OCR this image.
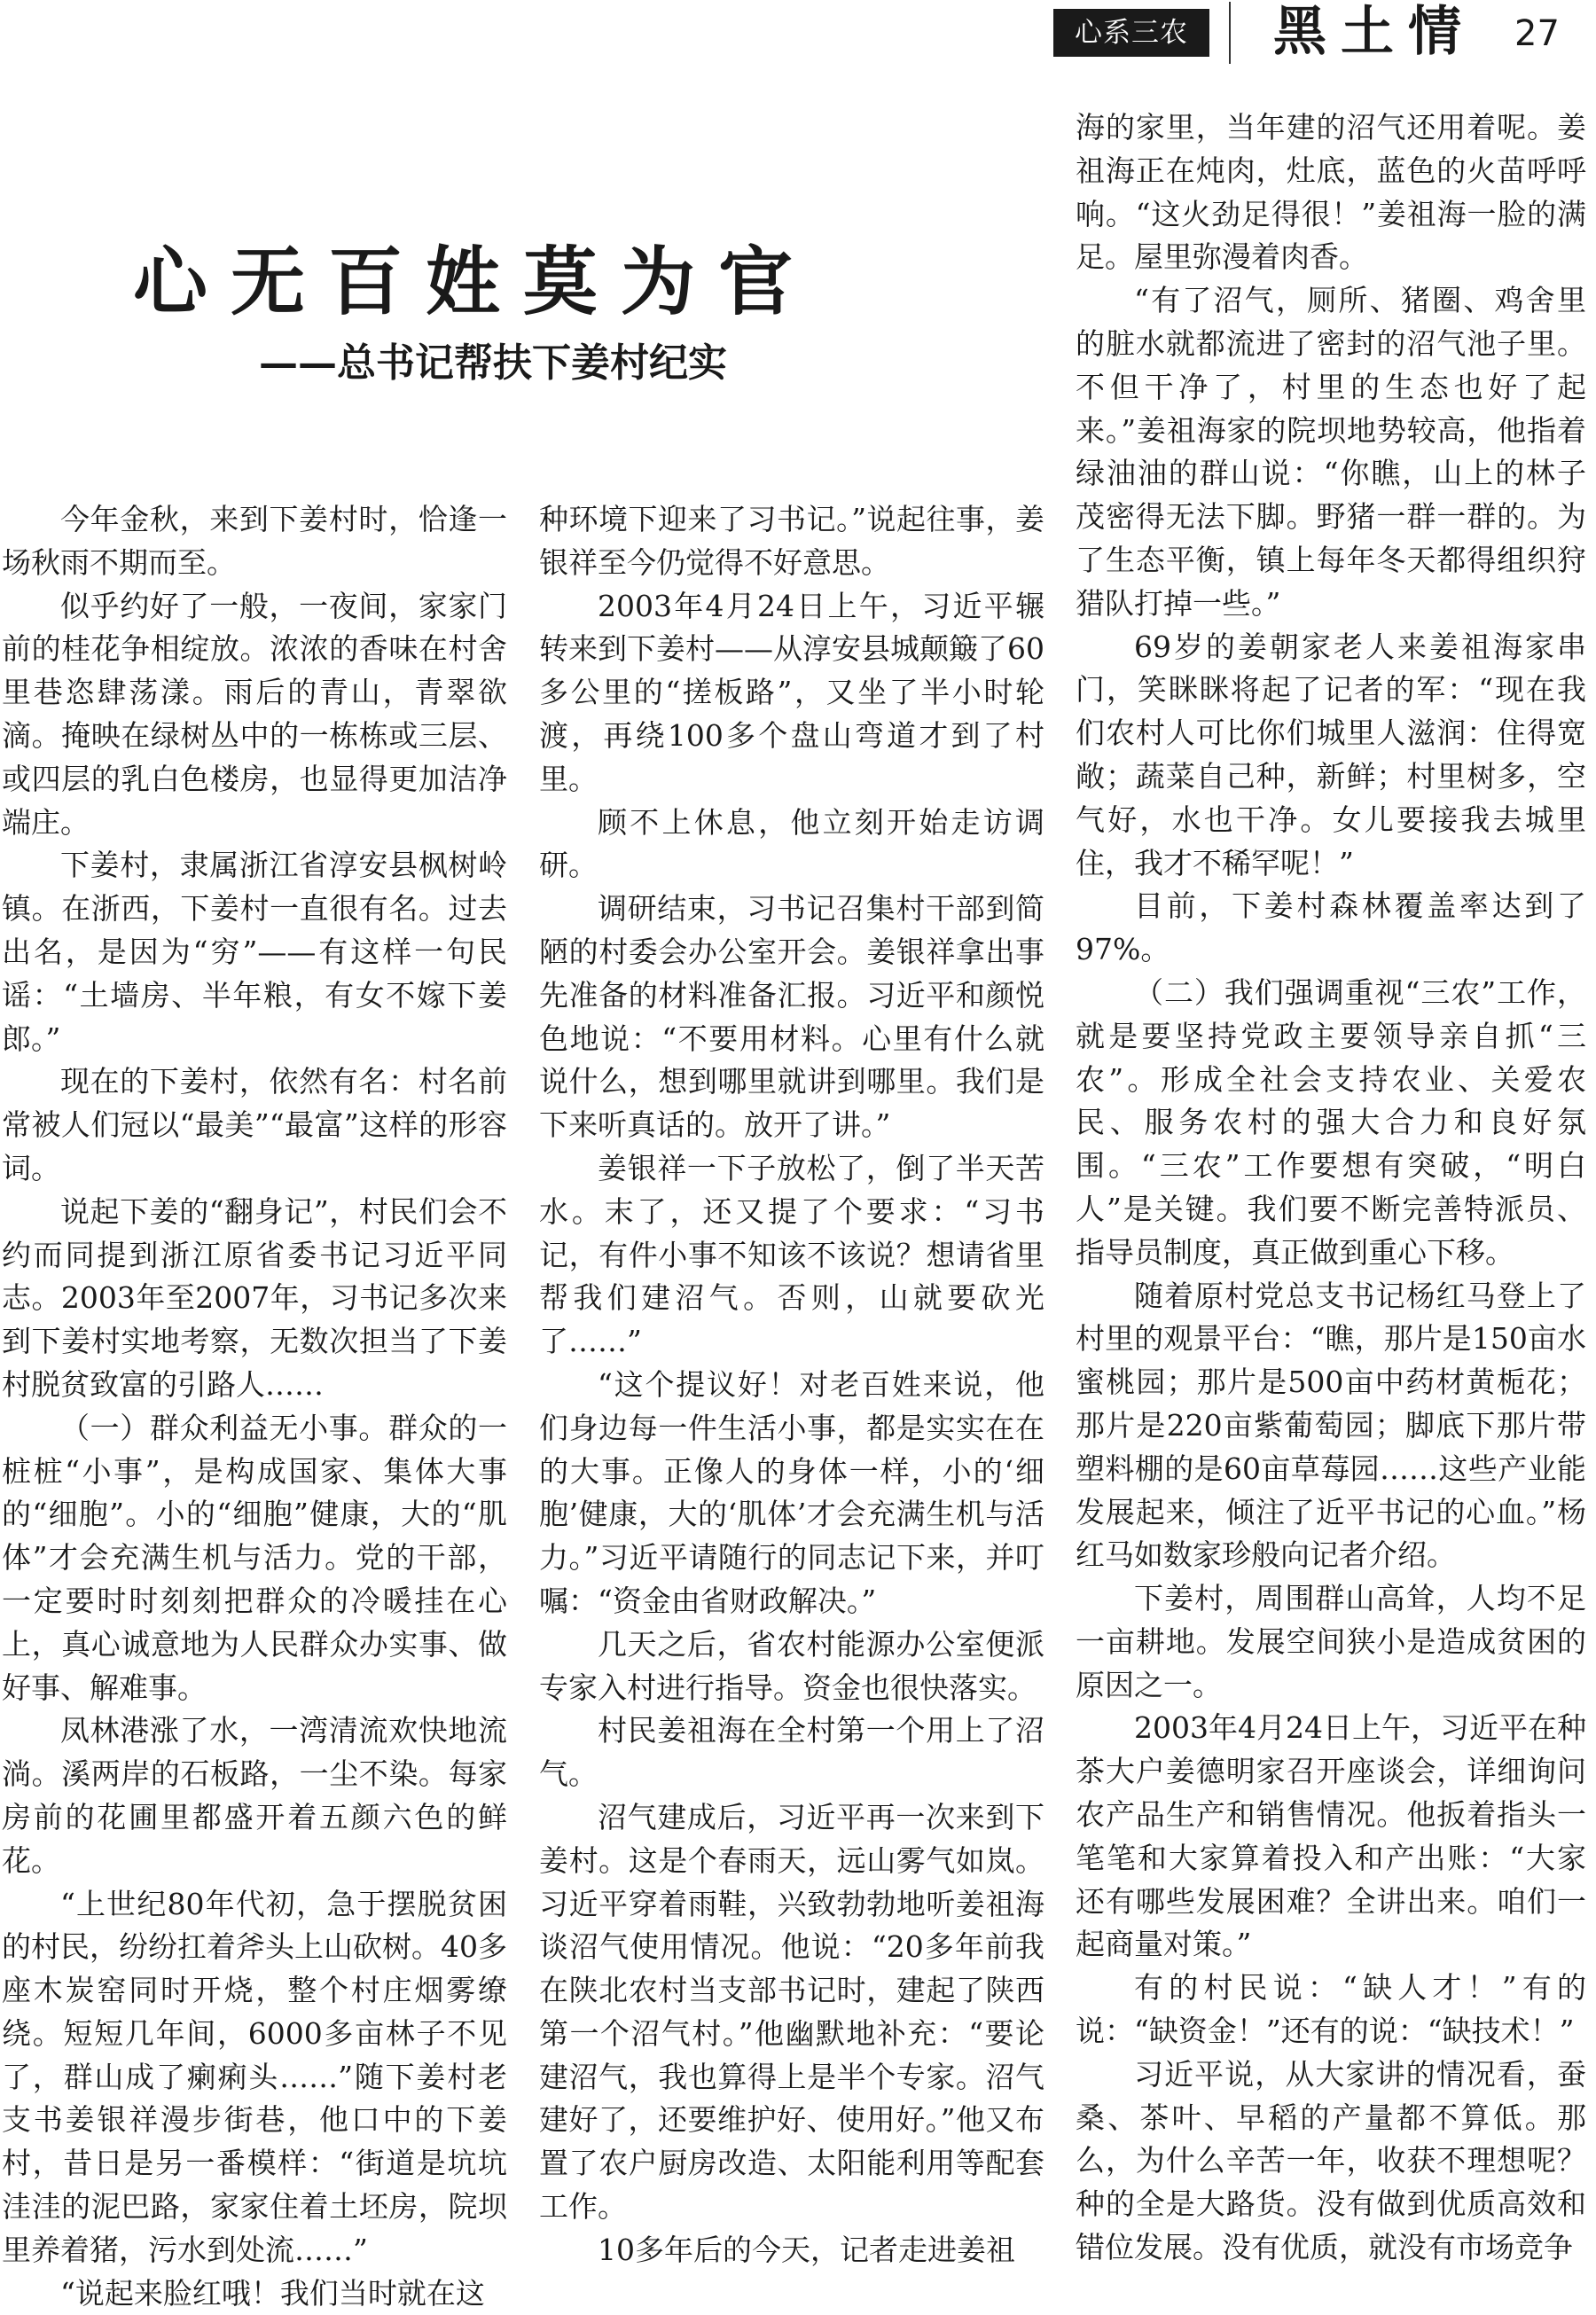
心系三农	黑土情	27
心无百姓莫为官
——总书记帮扶下姜村纪实

今年金秋，来到下姜村时，恰逢一场秋雨不期而至。

似乎约好了一般，一夜间，家家门前的桂花争相绽放。浓浓的香味在村舍里巷恣肆荡漾。雨后的青山，青翠欲滴。掩映在绿树丛中的一栋栋或三层、或四层的乳白色楼房，也显得更加洁净端庄。

下姜村，隶属浙江省淳安县枫树岭镇。在浙西，下姜村一直很有名。过去出名，是因为“穷”——有这样一句民谣：“土墙房、半年粮，有女不嫁下姜郎。”

现在的下姜村，依然有名：村名前常被人们冠以“最美”“最富”这样的形容词。

说起下姜的“翻身记”，村民们会不约而同提到浙江原省委书记习近平同志。2003年至2007年，习书记多次来到下姜村实地考察，无数次担当了下姜村脱贫致富的引路人……

（一）群众利益无小事。群众的一桩桩“小事”，是构成国家、集体大事的“细胞”。小的“细胞”健康，大的“肌体”才会充满生机与活力。党的干部，一定要时时刻刻把群众的冷暖挂在心上，真心诚意地为人民群众办实事、做好事、解难事。

凤林港涨了水，一湾清流欢快地流淌。溪两岸的石板路，一尘不染。每家房前的花圃里都盛开着五颜六色的鲜花。

“上世纪80年代初，急于摆脱贫困的村民，纷纷扛着斧头上山砍树。40多座木炭窑同时开烧，整个村庄烟雾缭绕。短短几年间，6000多亩林子不见了，群山成了瘌痢头……”随下姜村老支书姜银祥漫步街巷，他口中的下姜村，昔日是另一番模样：“街道是坑坑洼洼的泥巴路，家家住着土坯房，院坝里养着猪，污水到处流……”

“说起来脸红哦！我们当时就在这

种环境下迎来了习书记。”说起往事，姜银祥至今仍觉得不好意思。

2003年4月24日上午，习近平辗转来到下姜村——从淳安县城颠簸了60多公里的“搓板路”，又坐了半小时轮渡，再绕100多个盘山弯道才到了村里。

顾不上休息，他立刻开始走访调研。

调研结束，习书记召集村干部到简陋的村委会办公室开会。姜银祥拿出事先准备的材料准备汇报。习近平和颜悦色地说：“不要用材料。心里有什么就说什么，想到哪里就讲到哪里。我们是下来听真话的。放开了讲。”

姜银祥一下子放松了，倒了半天苦水。末了，还又提了个要求：“习书记，有件小事不知该不该说？想请省里帮我们建沼气。否则，山就要砍光了……”

“这个提议好！对老百姓来说，他们身边每一件生活小事，都是实实在在的大事。正像人的身体一样，小的‘细胞’健康，大的‘肌体’才会充满生机与活力。”习近平请随行的同志记下来，并叮嘱：“资金由省财政解决。”

几天之后，省农村能源办公室便派专家入村进行指导。资金也很快落实。

村民姜祖海在全村第一个用上了沼气。

沼气建成后，习近平再一次来到下姜村。这是个春雨天，远山雾气如岚。习近平穿着雨鞋，兴致勃勃地听姜祖海谈沼气使用情况。他说：“20多年前我在陕北农村当支部书记时，建起了陕西第一个沼气村。”他幽默地补充：“要论建沼气，我也算得上是半个专家。沼气建好了，还要维护好、使用好。”他又布置了农户厨房改造、太阳能利用等配套工作。

10多年后的今天，记者走进姜祖

海的家里，当年建的沼气还用着呢。姜祖海正在炖肉，灶底，蓝色的火苗呼呼响。“这火劲足得很！”姜祖海一脸的满足。屋里弥漫着肉香。

“有了沼气，厕所、猪圈、鸡舍里的脏水就都流进了密封的沼气池子里。不但干净了，村里的生态也好了起来。”姜祖海家的院坝地势较高，他指着绿油油的群山说：“你瞧，山上的林子茂密得无法下脚。野猪一群一群的。为了生态平衡，镇上每年冬天都得组织狩猎队打掉一些。”

69岁的姜朝家老人来姜祖海家串门，笑眯眯将起了记者的军：“现在我们农村人可比你们城里人滋润：住得宽敞；蔬菜自己种，新鲜；村里树多，空气好，水也干净。女儿要接我去城里住，我才不稀罕呢！”

目前，下姜村森林覆盖率达到了97%。

（二）我们强调重视“三农”工作，就是要坚持党政主要领导亲自抓“三农”。形成全社会支持农业、关爱农民、服务农村的强大合力和良好氛围。“三农”工作要想有突破，“明白人”是关键。我们要不断完善特派员、指导员制度，真正做到重心下移。

随着原村党总支书记杨红马登上了村里的观景平台：“瞧，那片是150亩水蜜桃园；那片是500亩中药材黄栀花；那片是220亩紫葡萄园；脚底下那片带塑料棚的是60亩草莓园……这些产业能发展起来，倾注了近平书记的心血。”杨红马如数家珍般向记者介绍。

下姜村，周围群山高耸，人均不足一亩耕地。发展空间狭小是造成贫困的原因之一。

2003年4月24日上午，习近平在种茶大户姜德明家召开座谈会，详细询问农产品生产和销售情况。他扳着指头一笔笔和大家算着投入和产出账：“大家还有哪些发展困难？全讲出来。咱们一起商量对策。”

有的村民说：“缺人才！”有的说：“缺资金！”还有的说：“缺技术！”

习近平说，从大家讲的情况看，蚕桑、茶叶、早稻的产量都不算低。那么，为什么辛苦一年，收获不理想呢？种的全是大路货。没有做到优质高效和错位发展。没有优质，就没有市场竞争
